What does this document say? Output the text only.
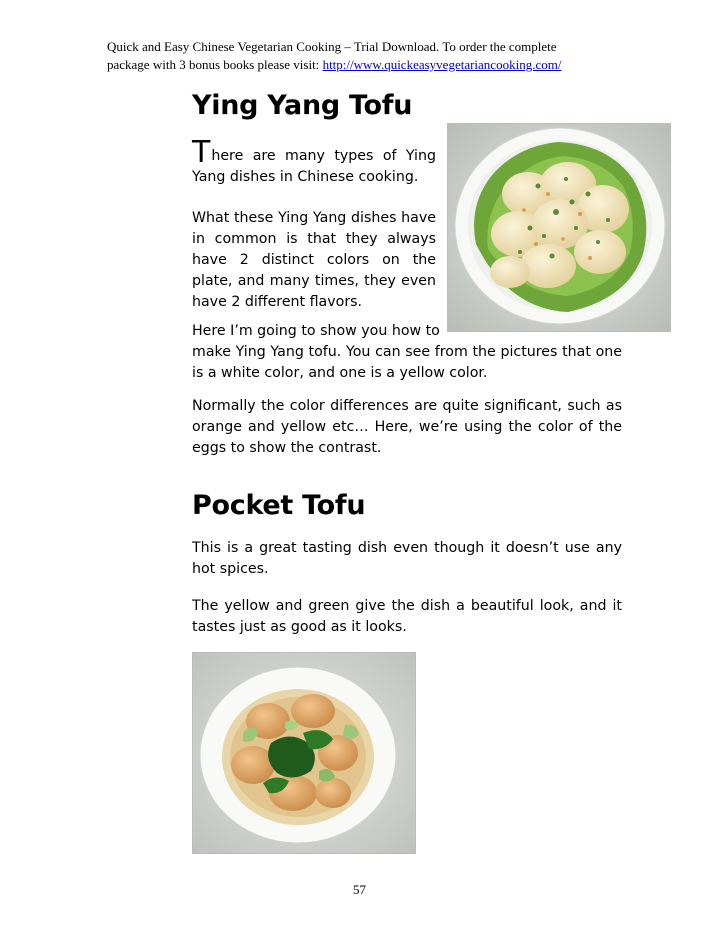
Quick and Easy Chinese Vegetarian Cooking – Trial Download. To order the complete
package with 3 bonus books please visit: http://www.quickeasyvegetariancooking.com/
Ying Yang Tofu
There are many types of Ying Yang dishes in Chinese cooking.
What these Ying Yang dishes have in common is that they always have 2 distinct colors on the plate, and many times, they even have 2 different flavors.
Here I’m going to show you how to
make Ying Yang tofu. You can see from the pictures that one is a white color, and one is a yellow color.
Normally the color differences are quite significant, such as orange and yellow etc… Here, we’re using the color of the eggs to show the contrast.
Pocket Tofu
This is a great tasting dish even though it doesn’t use any hot spices.
The yellow and green give the dish a beautiful look, and it tastes just as good as it looks.
57
